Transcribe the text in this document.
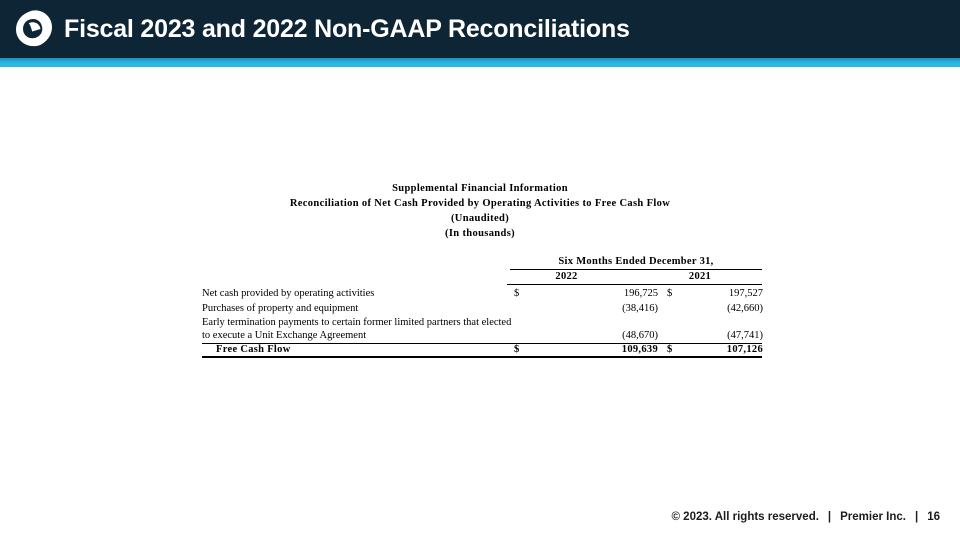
Fiscal 2023 and 2022 Non-GAAP Reconciliations
Supplemental Financial Information
Reconciliation of Net Cash Provided by Operating Activities to Free Cash Flow
(Unaudited)
(In thousands)
Six Months Ended December 31,
2022	2021
Net cash provided by operating activities	$	196,725 $	197,527
Purchases of property and equipment	(38,416)	(42,660)
Early termination payments to certain former limited partners that elected
to execute a Unit Exchange Agreement	(48,670)	(47,741)
Free Cash Flow	$	109,639 $	107,126
© 2023. All rights reserved. | Premier Inc. | 16
